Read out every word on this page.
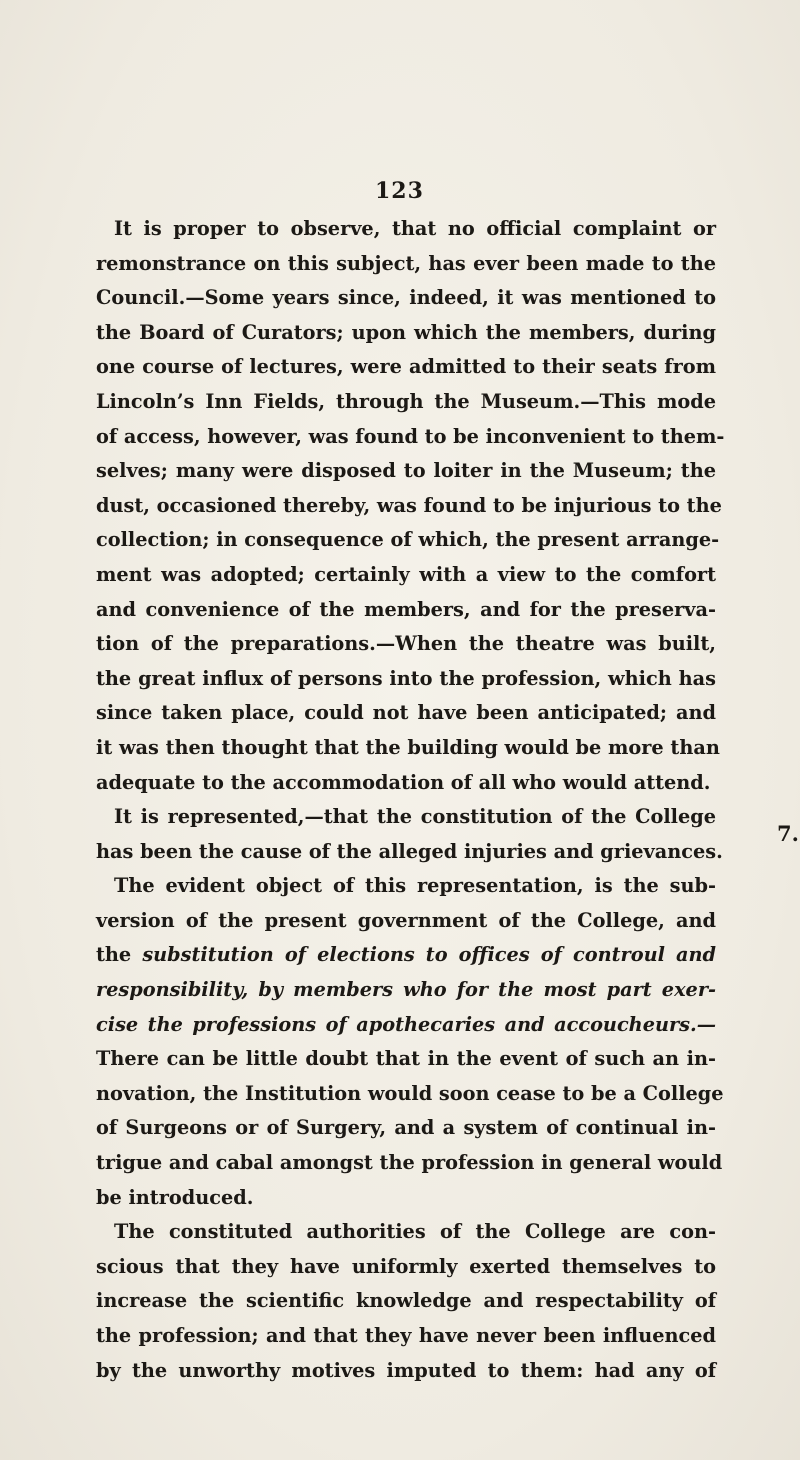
123
It is proper to observe, that no official complaint or
remonstrance on this subject, has ever been made to the
Council.—Some years since, indeed, it was mentioned to
the Board of Curators; upon which the members, during
one course of lectures, were admitted to their seats from
Lincoln’s Inn Fields, through the Museum.—This mode
of access, however, was found to be inconvenient to them-
selves; many were disposed to loiter in the Museum; the
dust, occasioned thereby, was found to be injurious to the
collection; in consequence of which, the present arrange-
ment was adopted; certainly with a view to the comfort
and convenience of the members, and for the preserva-
tion of the preparations.—When the theatre was built,
the great influx of persons into the profession, which has
since taken place, could not have been anticipated; and
it was then thought that the building would be more than
adequate to the accommodation of all who would attend.
It is represented,—that the constitution of the College
has been the cause of the alleged injuries and grievances.
The evident object of this representation, is the sub-
version of the present government of the College, and
the substitution of elections to offices of controul and
responsibility, by members who for the most part exer-
cise the professions of apothecaries and accoucheurs.—
There can be little doubt that in the event of such an in-
novation, the Institution would soon cease to be a College
of Surgeons or of Surgery, and a system of continual in-
trigue and cabal amongst the profession in general would
be introduced.
The constituted authorities of the College are con-
scious that they have uniformly exerted themselves to
increase the scientific knowledge and respectability of
the profession; and that they have never been influenced
by the unworthy motives imputed to them: had any of
7.
